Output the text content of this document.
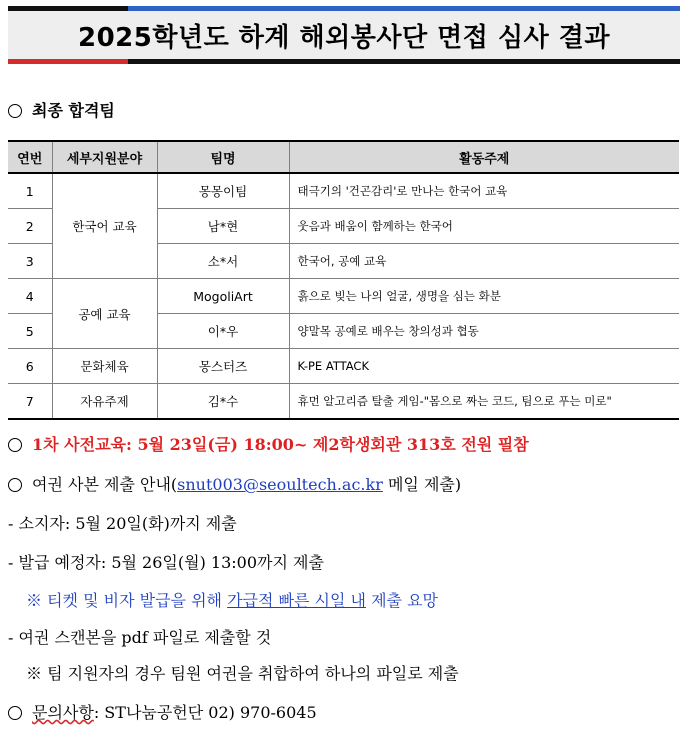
2025학년도 하계 해외봉사단 면접 심사 결과
최종 합격팀
연번	세부지원분야	팀명	활동주제
1	한국어 교육	몽몽이팀	태극기의 '건곤감리'로 만나는 한국어 교육
2		남*현	웃음과 배움이 함께하는 한국어
3		소*서	한국어, 공예 교육
4	공예 교육	MogoliArt	흙으로 빚는 나의 얼굴, 생명을 심는 화분
5		이*우	양말목 공예로 배우는 창의성과 협동
6	문화체육	몽스터즈	K-PE ATTACK
7	자유주제	김*수	휴먼 알고리즘 탈출 게임-"몸으로 짜는 코드, 팀으로 푸는 미로"
1차 사전교육: 5월 23일(금) 18:00~ 제2학생회관 313호 전원 필참
여권 사본 제출 안내(snut003@seoultech.ac.kr 메일 제출)
- 소지자: 5월 20일(화)까지 제출
- 발급 예정자: 5월 26일(월) 13:00까지 제출
※ 티켓 및 비자 발급을 위해 가급적 빠른 시일 내 제출 요망
- 여권 스캔본을 pdf 파일로 제출할 것
※ 팀 지원자의 경우 팀원 여권을 취합하여 하나의 파일로 제출
문의사항: ST나눔공헌단 02) 970-6045
